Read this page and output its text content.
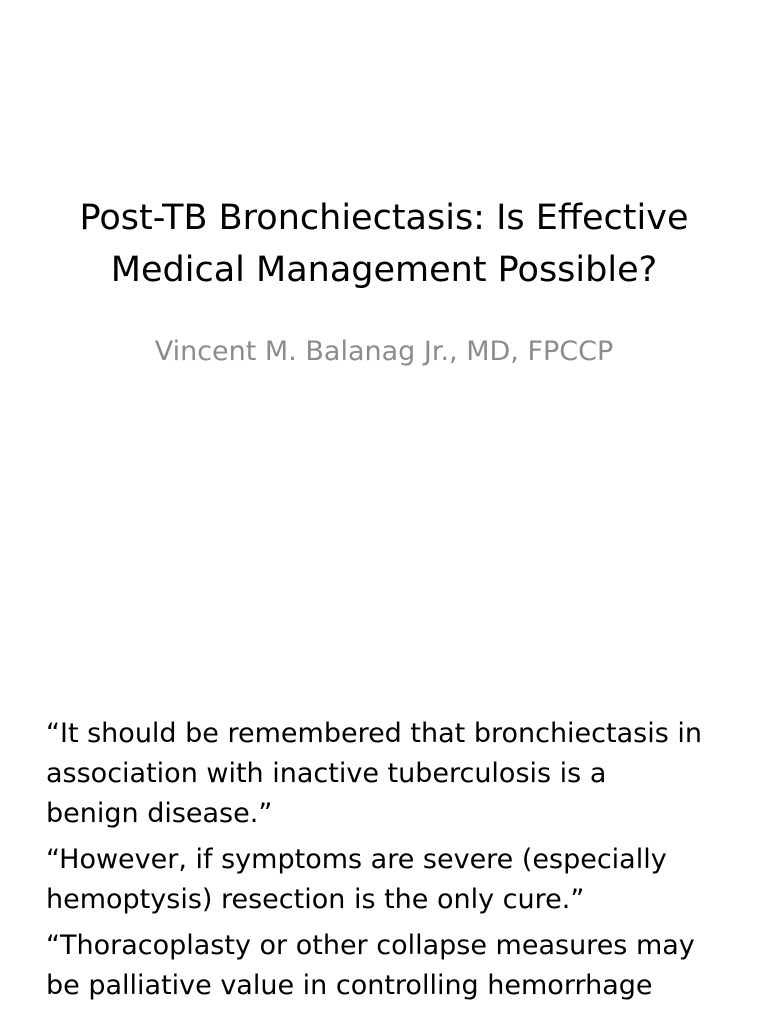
Post-TB Bronchiectasis: Is Effective
Medical Management Possible?

Vincent M. Balanag Jr., MD, FPCCP

“It should be remembered that bronchiectasis in
association with inactive tuberculosis is a
benign disease.”
“However, if symptoms are severe (especially
hemoptysis) resection is the only cure.”
“Thoracoplasty or other collapse measures may
be palliative value in controlling hemorrhage
